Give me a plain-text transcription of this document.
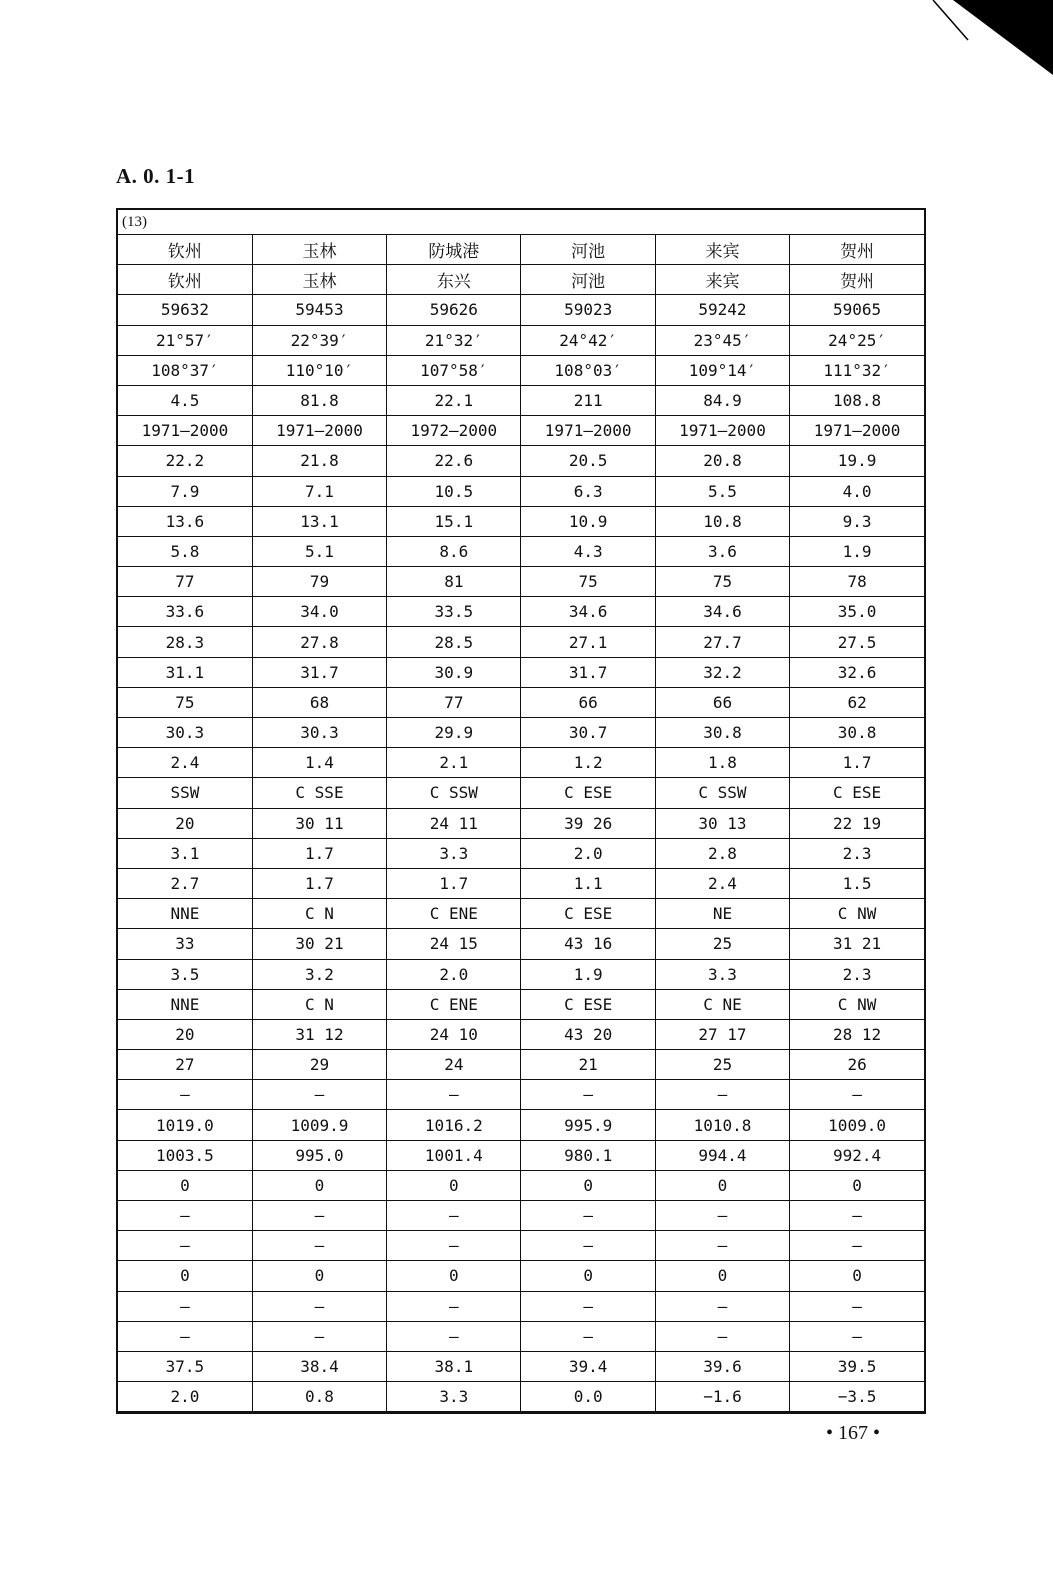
A. 0. 1-1
(13)
钦州	玉林	防城港	河池	来宾	贺州
钦州	玉林	东兴	河池	来宾	贺州
59632	59453	59626	59023	59242	59065
21°57′	22°39′	21°32′	24°42′	23°45′	24°25′
108°37′	110°10′	107°58′	108°03′	109°14′	111°32′
4.5	81.8	22.1	211	84.9	108.8
1971—2000	1971—2000	1972—2000	1971—2000	1971—2000	1971—2000
22.2	21.8	22.6	20.5	20.8	19.9
7.9	7.1	10.5	6.3	5.5	4.0
13.6	13.1	15.1	10.9	10.8	9.3
5.8	5.1	8.6	4.3	3.6	1.9
77	79	81	75	75	78
33.6	34.0	33.5	34.6	34.6	35.0
28.3	27.8	28.5	27.1	27.7	27.5
31.1	31.7	30.9	31.7	32.2	32.6
75	68	77	66	66	62
30.3	30.3	29.9	30.7	30.8	30.8
2.4	1.4	2.1	1.2	1.8	1.7
SSW	C SSE	C SSW	C ESE	C SSW	C ESE
20	30 11	24 11	39 26	30 13	22 19
3.1	1.7	3.3	2.0	2.8	2.3
2.7	1.7	1.7	1.1	2.4	1.5
NNE	C N	C ENE	C ESE	NE	C NW
33	30 21	24 15	43 16	25	31 21
3.5	3.2	2.0	1.9	3.3	2.3
NNE	C N	C ENE	C ESE	C NE	C NW
20	31 12	24 10	43 20	27 17	28 12
27	29	24	21	25	26
—	—	—	—	—	—
1019.0	1009.9	1016.2	995.9	1010.8	1009.0
1003.5	995.0	1001.4	980.1	994.4	992.4
0	0	0	0	0	0
—	—	—	—	—	—
—	—	—	—	—	—
0	0	0	0	0	0
—	—	—	—	—	—
—	—	—	—	—	—
37.5	38.4	38.1	39.4	39.6	39.5
2.0	0.8	3.3	0.0	−1.6	−3.5
• 167 •
